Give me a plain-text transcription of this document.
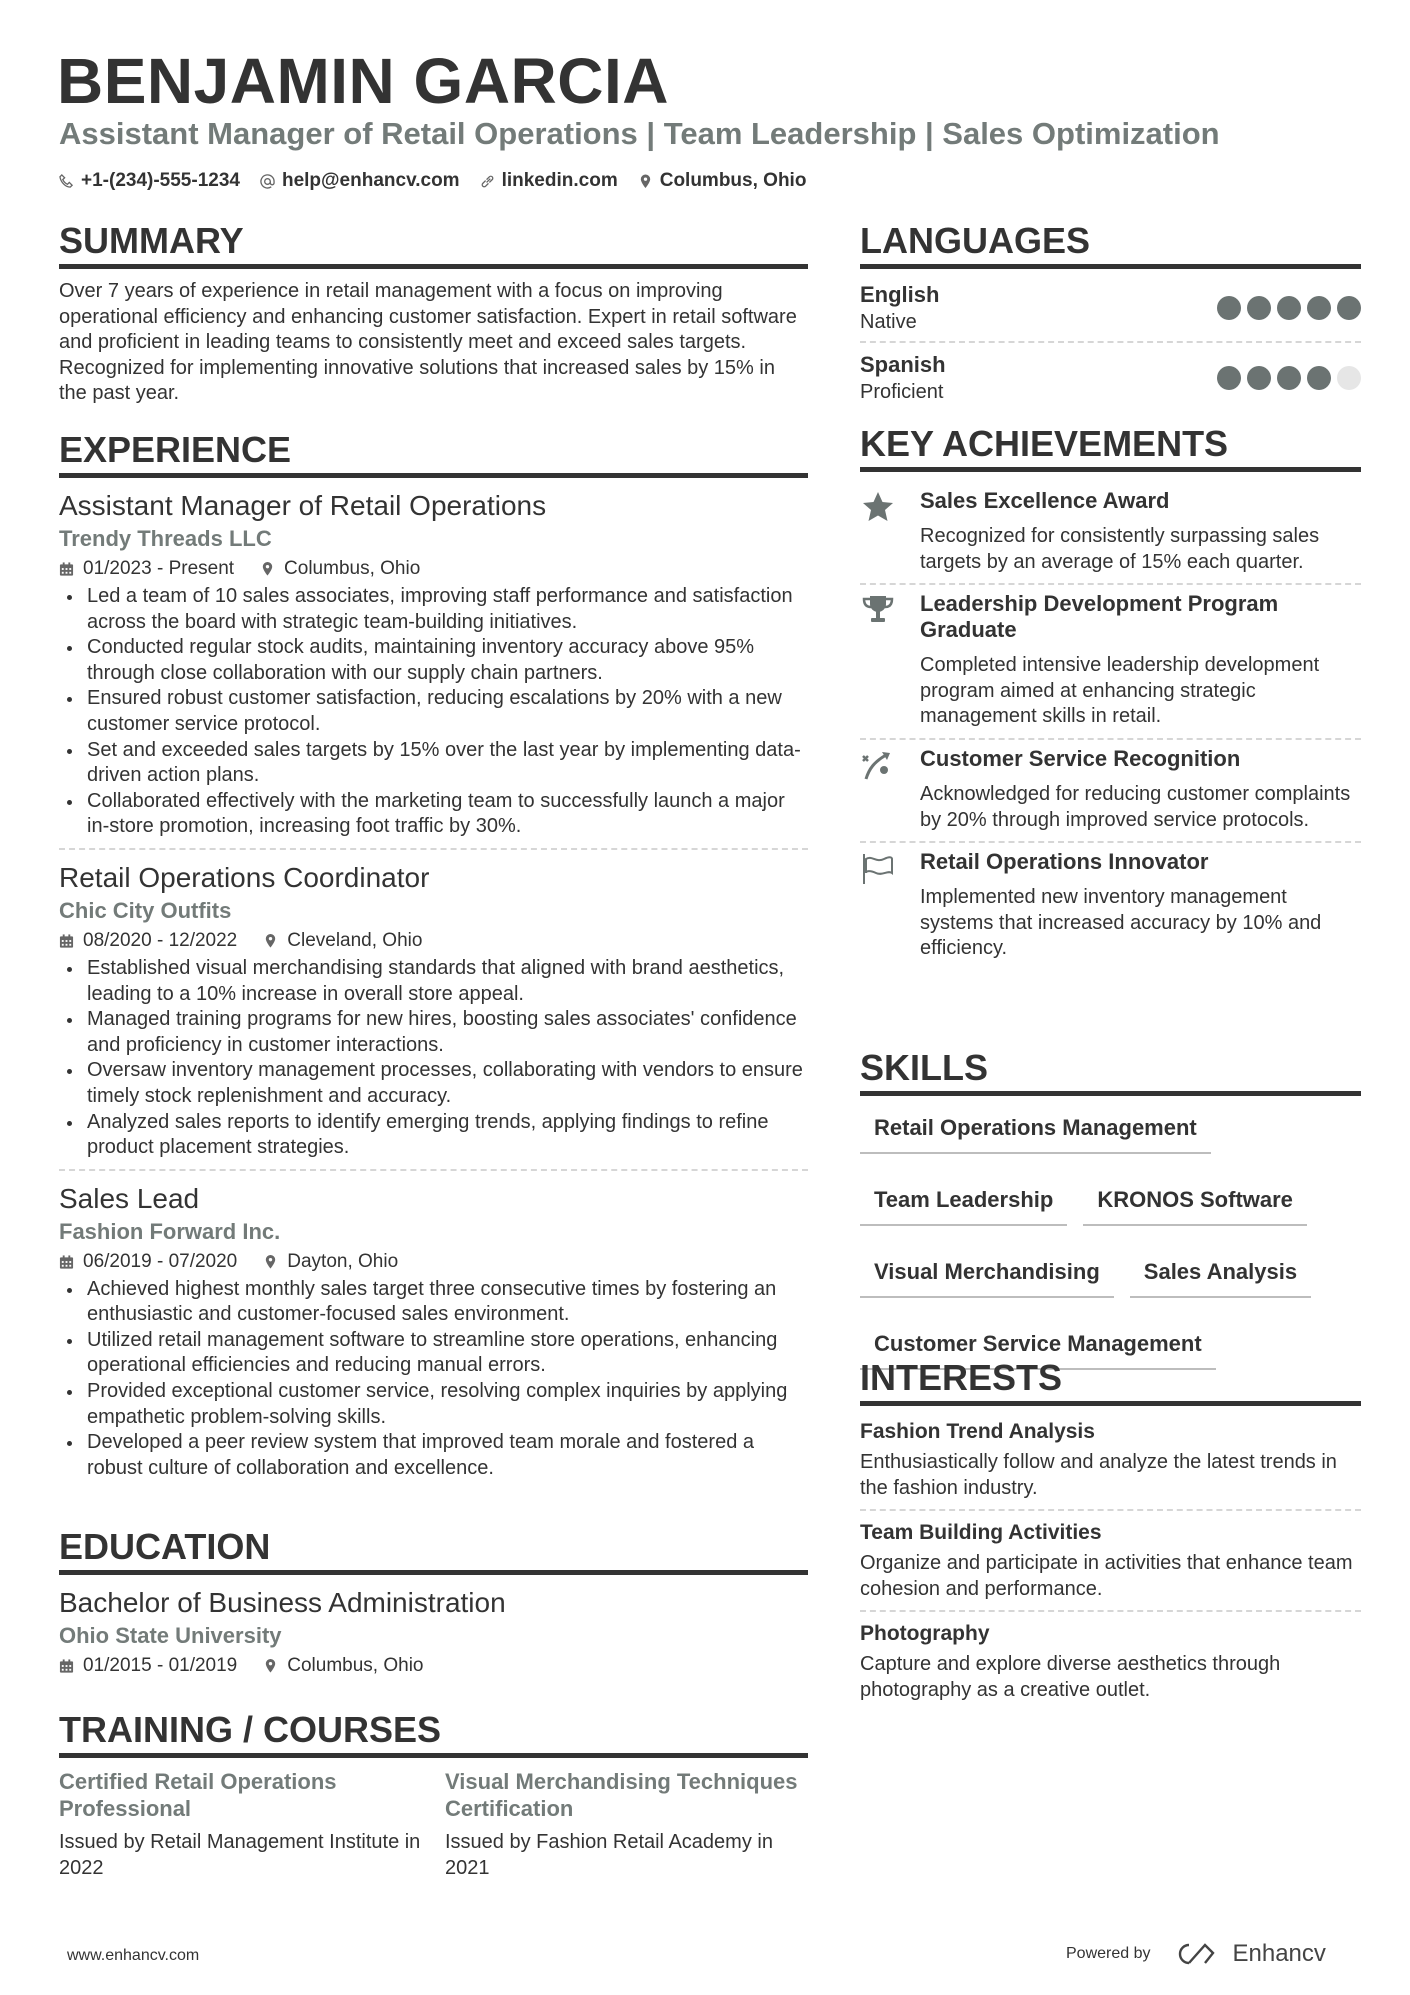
BENJAMIN GARCIA
Assistant Manager of Retail Operations | Team Leadership | Sales Optimization
+1-(234)-555-1234 help@enhancv.com linkedin.com Columbus, Ohio
SUMMARY
Over 7 years of experience in retail management with a focus on improving operational efficiency and enhancing customer satisfaction. Expert in retail software and proficient in leading teams to consistently meet and exceed sales targets. Recognized for implementing innovative solutions that increased sales by 15% in the past year.
EXPERIENCE
Assistant Manager of Retail Operations
Trendy Threads LLC
01/2023 - Present	Columbus, Ohio
Led a team of 10 sales associates, improving staff performance and satisfaction across the board with strategic team-building initiatives.
Conducted regular stock audits, maintaining inventory accuracy above 95% through close collaboration with our supply chain partners.
Ensured robust customer satisfaction, reducing escalations by 20% with a new customer service protocol.
Set and exceeded sales targets by 15% over the last year by implementing data-driven action plans.
Collaborated effectively with the marketing team to successfully launch a major in-store promotion, increasing foot traffic by 30%.
Retail Operations Coordinator
Chic City Outfits
08/2020 - 12/2022	Cleveland, Ohio
Established visual merchandising standards that aligned with brand aesthetics, leading to a 10% increase in overall store appeal.
Managed training programs for new hires, boosting sales associates' confidence and proficiency in customer interactions.
Oversaw inventory management processes, collaborating with vendors to ensure timely stock replenishment and accuracy.
Analyzed sales reports to identify emerging trends, applying findings to refine product placement strategies.
Sales Lead
Fashion Forward Inc.
06/2019 - 07/2020	Dayton, Ohio
Achieved highest monthly sales target three consecutive times by fostering an enthusiastic and customer-focused sales environment.
Utilized retail management software to streamline store operations, enhancing operational efficiencies and reducing manual errors.
Provided exceptional customer service, resolving complex inquiries by applying empathetic problem-solving skills.
Developed a peer review system that improved team morale and fostered a robust culture of collaboration and excellence.
EDUCATION
Bachelor of Business Administration
Ohio State University
01/2015 - 01/2019	Columbus, Ohio
TRAINING / COURSES
Certified Retail Operations Professional
Issued by Retail Management Institute in 2022
Visual Merchandising Techniques Certification
Issued by Fashion Retail Academy in 2021
LANGUAGES
English
Native
Spanish
Proficient
KEY ACHIEVEMENTS
Sales Excellence Award
Recognized for consistently surpassing sales targets by an average of 15% each quarter.
Leadership Development Program Graduate
Completed intensive leadership development program aimed at enhancing strategic management skills in retail.
Customer Service Recognition
Acknowledged for reducing customer complaints by 20% through improved service protocols.
Retail Operations Innovator
Implemented new inventory management systems that increased accuracy by 10% and efficiency.
SKILLS
Retail Operations Management
Team Leadership	KRONOS Software
Visual Merchandising	Sales Analysis
Customer Service Management
INTERESTS
Fashion Trend Analysis
Enthusiastically follow and analyze the latest trends in the fashion industry.
Team Building Activities
Organize and participate in activities that enhance team cohesion and performance.
Photography
Capture and explore diverse aesthetics through photography as a creative outlet.
www.enhancv.com	Powered by	Enhancv
